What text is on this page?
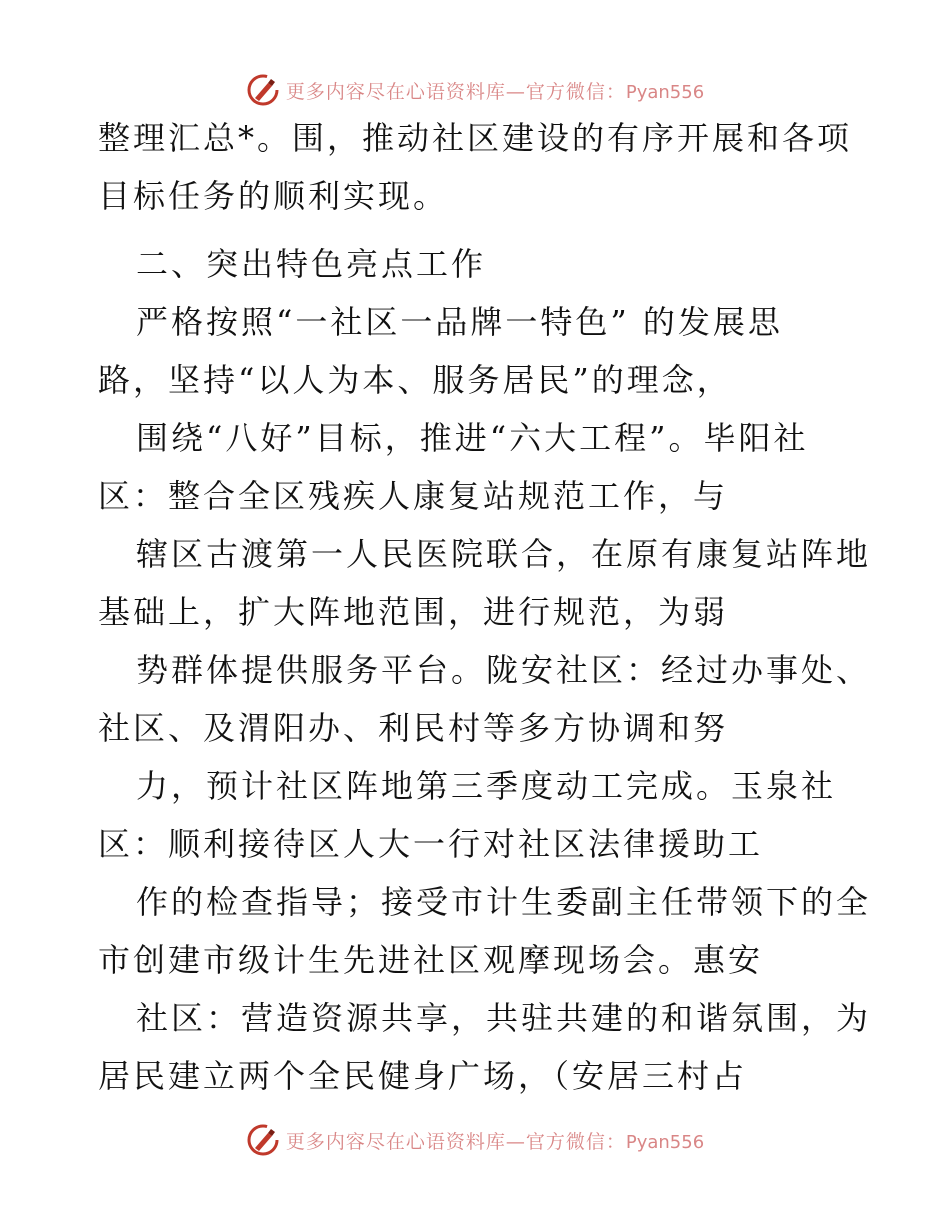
更多内容尽在心语资料库—官方微信：Pyan556
整理汇总*。围，推动社区建设的有序开展和各项
目标任务的顺利实现。
二、突出特色亮点工作
严格按照“一社区一品牌一特色” 的发展思
路，坚持“以人为本、服务居民”的理念，
围绕“八好”目标，推进“六大工程”。毕阳社
区：整合全区残疾人康复站规范工作，与
辖区古渡第一人民医院联合，在原有康复站阵地
基础上，扩大阵地范围，进行规范，为弱
势群体提供服务平台。陇安社区：经过办事处、
社区、及渭阳办、利民村等多方协调和努
力，预计社区阵地第三季度动工完成。玉泉社
区：顺利接待区人大一行对社区法律援助工
作的检查指导；接受市计生委副主任带领下的全
市创建市级计生先进社区观摩现场会。惠安
社区：营造资源共享，共驻共建的和谐氛围，为
居民建立两个全民健身广场，（安居三村占
更多内容尽在心语资料库—官方微信：Pyan556
